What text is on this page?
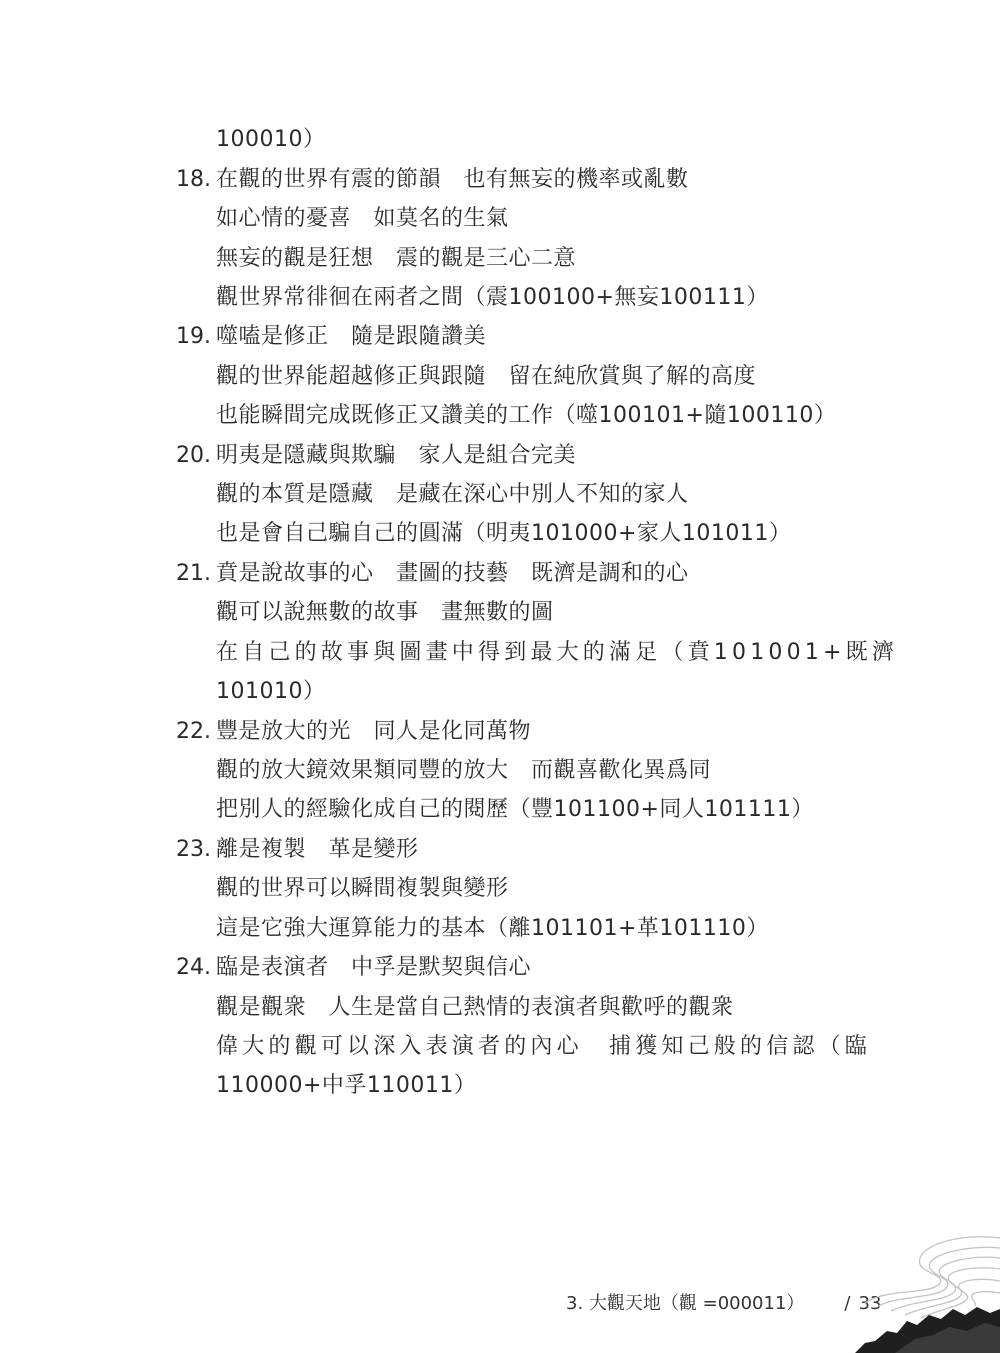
100010）
18. 在觀的世界有震的節韻　也有無妄的機率或亂數
如心情的憂喜　如莫名的生氣
無妄的觀是狂想　震的觀是三心二意
觀世界常徘徊在兩者之間（震100100+無妄100111）
19. 噬嗑是修正　隨是跟隨讚美
觀的世界能超越修正與跟隨　留在純欣賞與了解的高度
也能瞬間完成既修正又讚美的工作（噬100101+隨100110）
20. 明夷是隱藏與欺騙　家人是組合完美
觀的本質是隱藏　是藏在深心中別人不知的家人
也是會自己騙自己的圓滿（明夷101000+家人101011）
21. 賁是說故事的心　畫圖的技藝　既濟是調和的心
觀可以說無數的故事　畫無數的圖
在自己的故事與圖畫中得到最大的滿足（賁101001+既濟
101010）
22. 豐是放大的光　同人是化同萬物
觀的放大鏡效果類同豐的放大　而觀喜歡化異爲同
把別人的經驗化成自己的閱歷（豐101100+同人101111）
23. 離是複製　革是變形
觀的世界可以瞬間複製與變形
這是它強大運算能力的基本（離101101+革101110）
24. 臨是表演者　中孚是默契與信心
觀是觀衆　人生是當自己熱情的表演者與歡呼的觀衆
偉大的觀可以深入表演者的內心　捕獲知己般的信認（臨
110000+中孚110011）
3. 大觀天地（觀 =000011） / 33
